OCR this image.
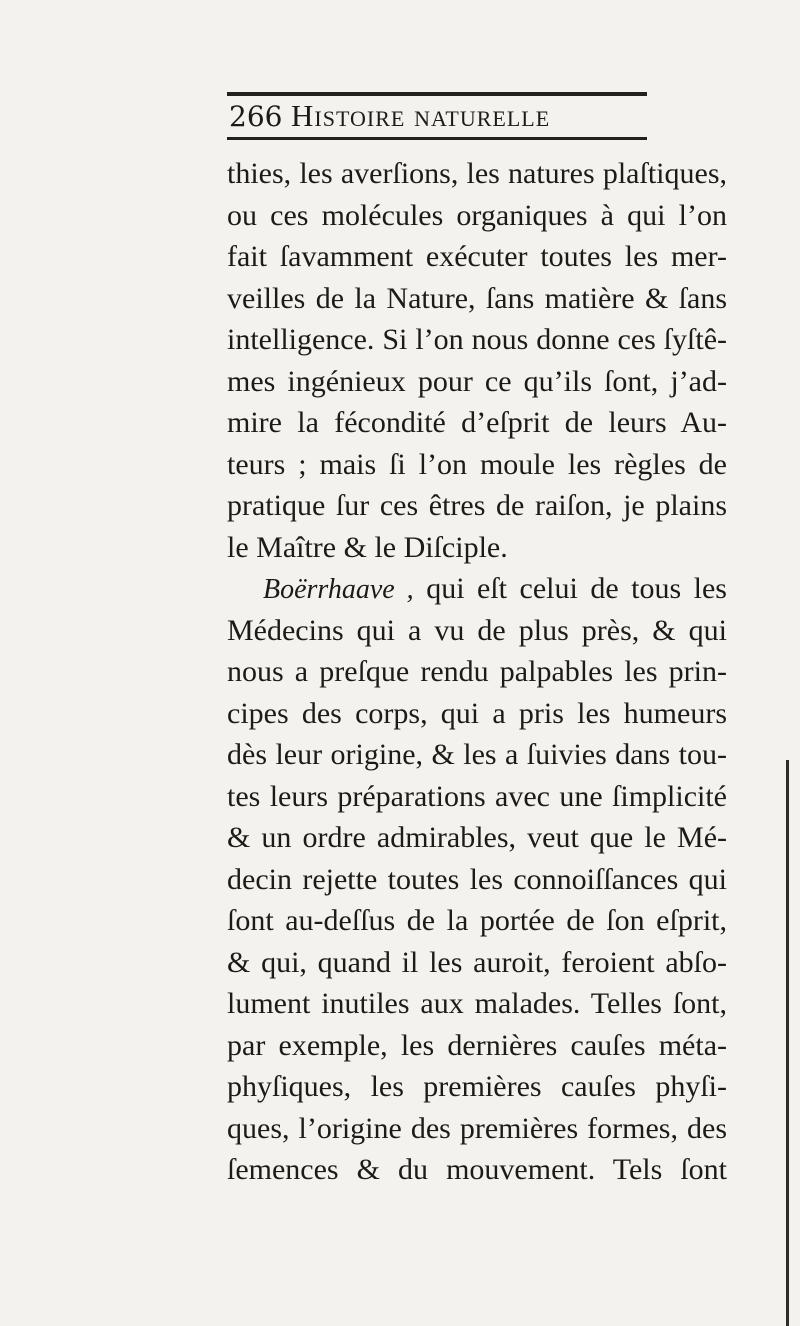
266 Histoire naturelle
thies, les averſions, les natures plaſtiques,
ou ces molécules organiques à qui l’on
fait ſavamment exécuter toutes les mer-
veilles de la Nature, ſans matière & ſans
intelligence. Si l’on nous donne ces ſyſtê-
mes ingénieux pour ce qu’ils ſont, j’ad-
mire la fécondité d’eſprit de leurs Au-
teurs ; mais ſi l’on moule les règles de
pratique ſur ces êtres de raiſon, je plains
le Maître & le Diſciple.
Boërrhaave , qui eſt celui de tous les
Médecins qui a vu de plus près, & qui
nous a preſque rendu palpables les prin-
cipes des corps, qui a pris les humeurs
dès leur origine, & les a ſuivies dans tou-
tes leurs préparations avec une ſimplicité
& un ordre admirables, veut que le Mé-
decin rejette toutes les connoiſſances qui
ſont au-deſſus de la portée de ſon eſprit,
& qui, quand il les auroit, feroient abſo-
lument inutiles aux malades. Telles ſont,
par exemple, les dernières cauſes méta-
phyſiques, les premières cauſes phyſi-
ques, l’origine des premières formes, des
ſemences & du mouvement. Tels ſont
